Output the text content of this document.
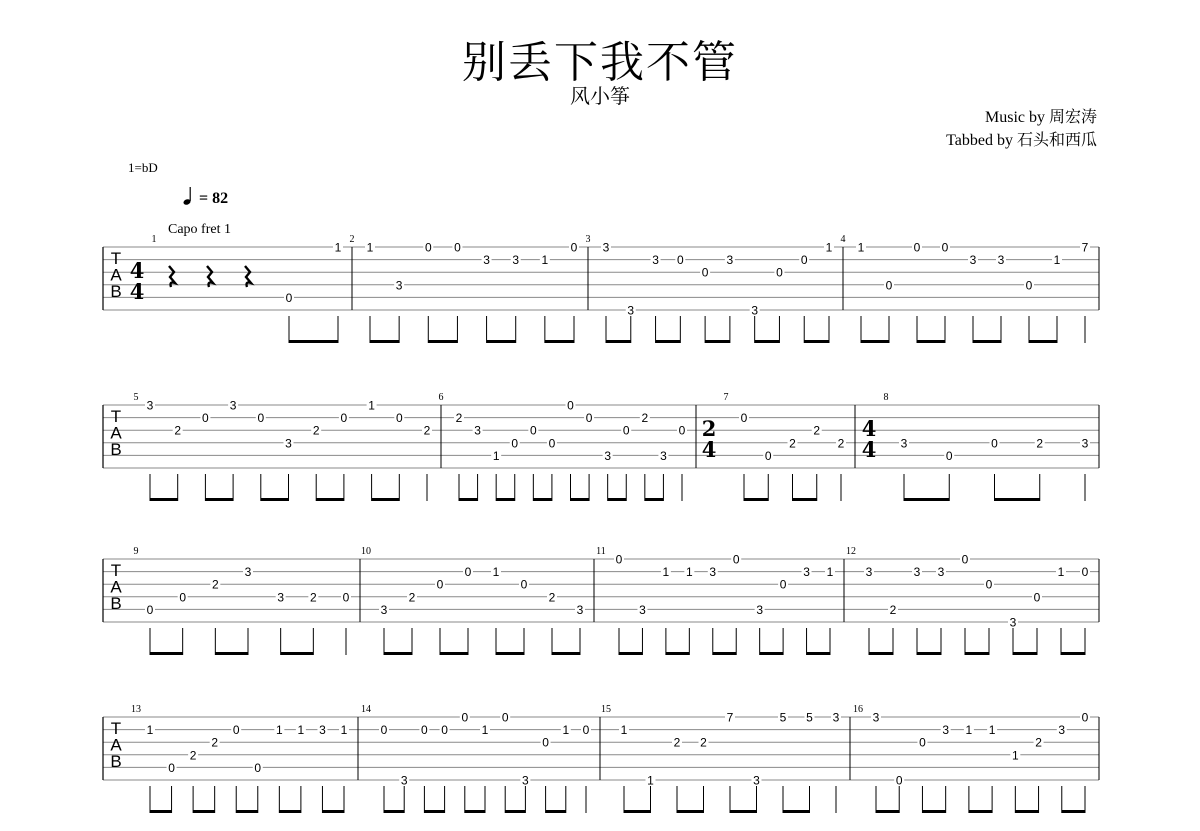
别丢下我不管
风小筝
Music by 周宏涛
Tabbed by 石头和西瓜
1=bD
= 82
Capo fret 1
T
A
B
T
A
B
T
A
B
T
A
B
4
4
2
4
4
4
1
0
1
2
1
3
0 0
3 3 1
0
3
3
3
3 0
0
3
3
0
0
1
4
1
0
0 0
3 3
0
1
7
5
3
2
0
3
0
3
2
0
1
0
2
6
2
3
1
0
0
0
0
0
3
0
2
3
0
7
0
0
2
2
2
8
3
0
0	2	3
9
0
0
2
3
3 2 0
10
3
2
0
0 1
0
2
3
11
0
3
1 1 3
0
3
0
3 1
12
3
2
3 3
0
0
3
0
1 0
13
1
0
2
2
0
0
1 1 3 1
14
0
3
0 0
0
1
0
3
0
1 0
15
1
1
2 2
7
3
5 5 3
16
3
0
0
3 1 1
1
2
3
0
